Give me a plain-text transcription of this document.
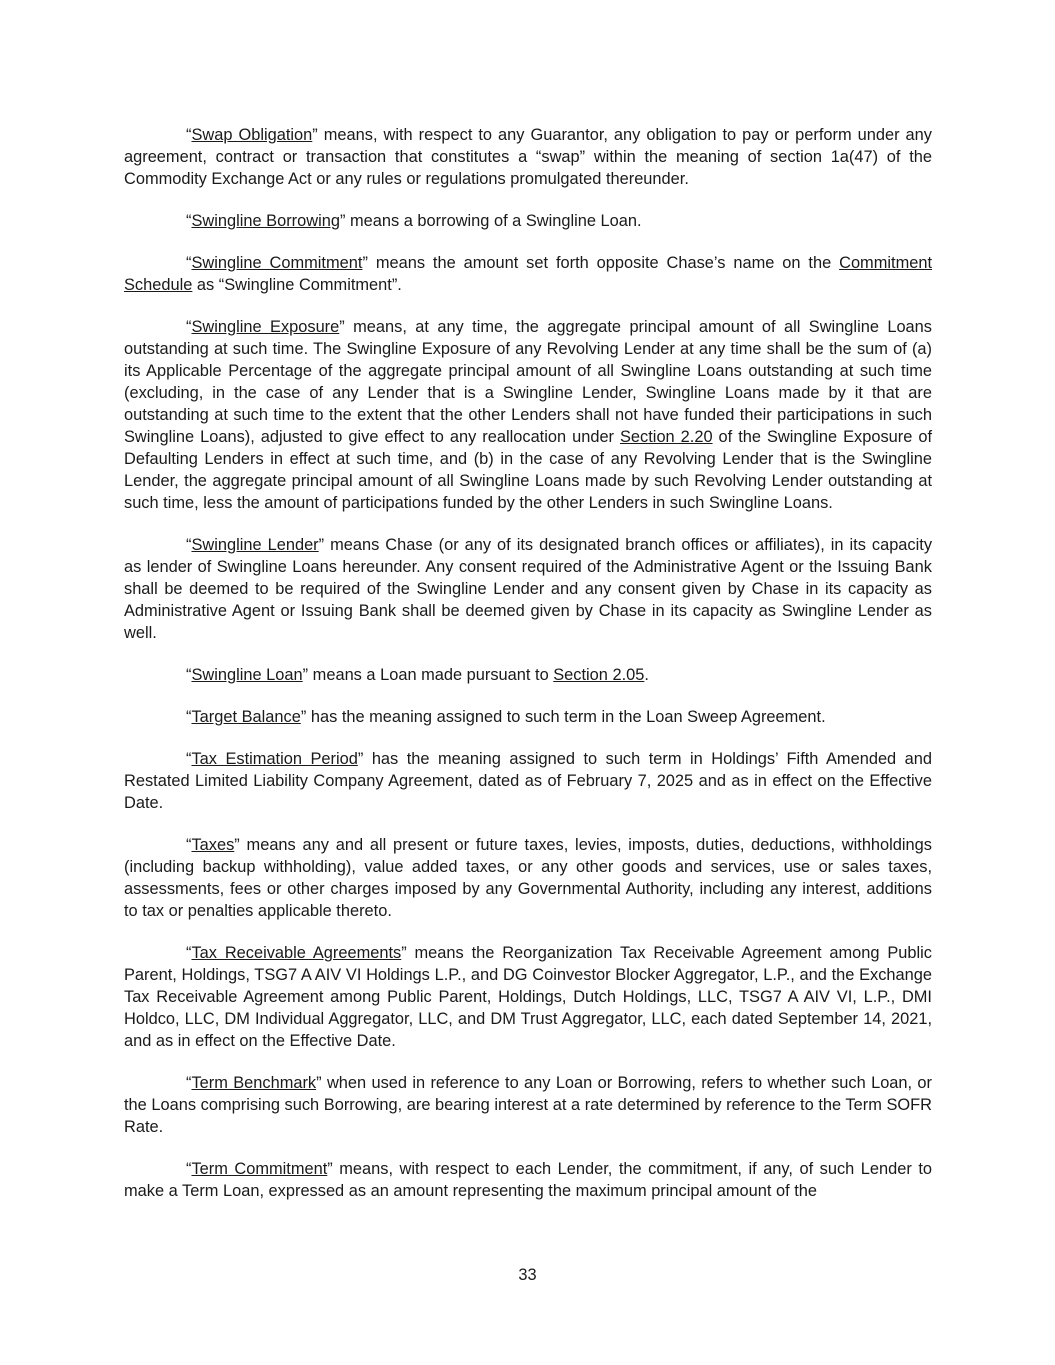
“Swap Obligation” means, with respect to any Guarantor, any obligation to pay or perform under any agreement, contract or transaction that constitutes a “swap” within the meaning of section 1a(47) of the Commodity Exchange Act or any rules or regulations promulgated thereunder.

“Swingline Borrowing” means a borrowing of a Swingline Loan.

“Swingline Commitment” means the amount set forth opposite Chase’s name on the Commitment Schedule as “Swingline Commitment”.

“Swingline Exposure” means, at any time, the aggregate principal amount of all Swingline Loans outstanding at such time. The Swingline Exposure of any Revolving Lender at any time shall be the sum of (a) its Applicable Percentage of the aggregate principal amount of all Swingline Loans outstanding at such time (excluding, in the case of any Lender that is a Swingline Lender, Swingline Loans made by it that are outstanding at such time to the extent that the other Lenders shall not have funded their participations in such Swingline Loans), adjusted to give effect to any reallocation under Section 2.20 of the Swingline Exposure of Defaulting Lenders in effect at such time, and (b) in the case of any Revolving Lender that is the Swingline Lender, the aggregate principal amount of all Swingline Loans made by such Revolving Lender outstanding at such time, less the amount of participations funded by the other Lenders in such Swingline Loans.

“Swingline Lender” means Chase (or any of its designated branch offices or affiliates), in its capacity as lender of Swingline Loans hereunder. Any consent required of the Administrative Agent or the Issuing Bank shall be deemed to be required of the Swingline Lender and any consent given by Chase in its capacity as Administrative Agent or Issuing Bank shall be deemed given by Chase in its capacity as Swingline Lender as well.

“Swingline Loan” means a Loan made pursuant to Section 2.05.

“Target Balance” has the meaning assigned to such term in the Loan Sweep Agreement.

“Tax Estimation Period” has the meaning assigned to such term in Holdings’ Fifth Amended and Restated Limited Liability Company Agreement, dated as of February 7, 2025 and as in effect on the Effective Date.

“Taxes” means any and all present or future taxes, levies, imposts, duties, deductions, withholdings (including backup withholding), value added taxes, or any other goods and services, use or sales taxes, assessments, fees or other charges imposed by any Governmental Authority, including any interest, additions to tax or penalties applicable thereto.

“Tax Receivable Agreements” means the Reorganization Tax Receivable Agreement among Public Parent, Holdings, TSG7 A AIV VI Holdings L.P., and DG Coinvestor Blocker Aggregator, L.P., and the Exchange Tax Receivable Agreement among Public Parent, Holdings, Dutch Holdings, LLC, TSG7 A AIV VI, L.P., DMI Holdco, LLC, DM Individual Aggregator, LLC, and DM Trust Aggregator, LLC, each dated September 14, 2021, and as in effect on the Effective Date.

“Term Benchmark” when used in reference to any Loan or Borrowing, refers to whether such Loan, or the Loans comprising such Borrowing, are bearing interest at a rate determined by reference to the Term SOFR Rate.

“Term Commitment” means, with respect to each Lender, the commitment, if any, of such Lender to make a Term Loan, expressed as an amount representing the maximum principal amount of the

33
